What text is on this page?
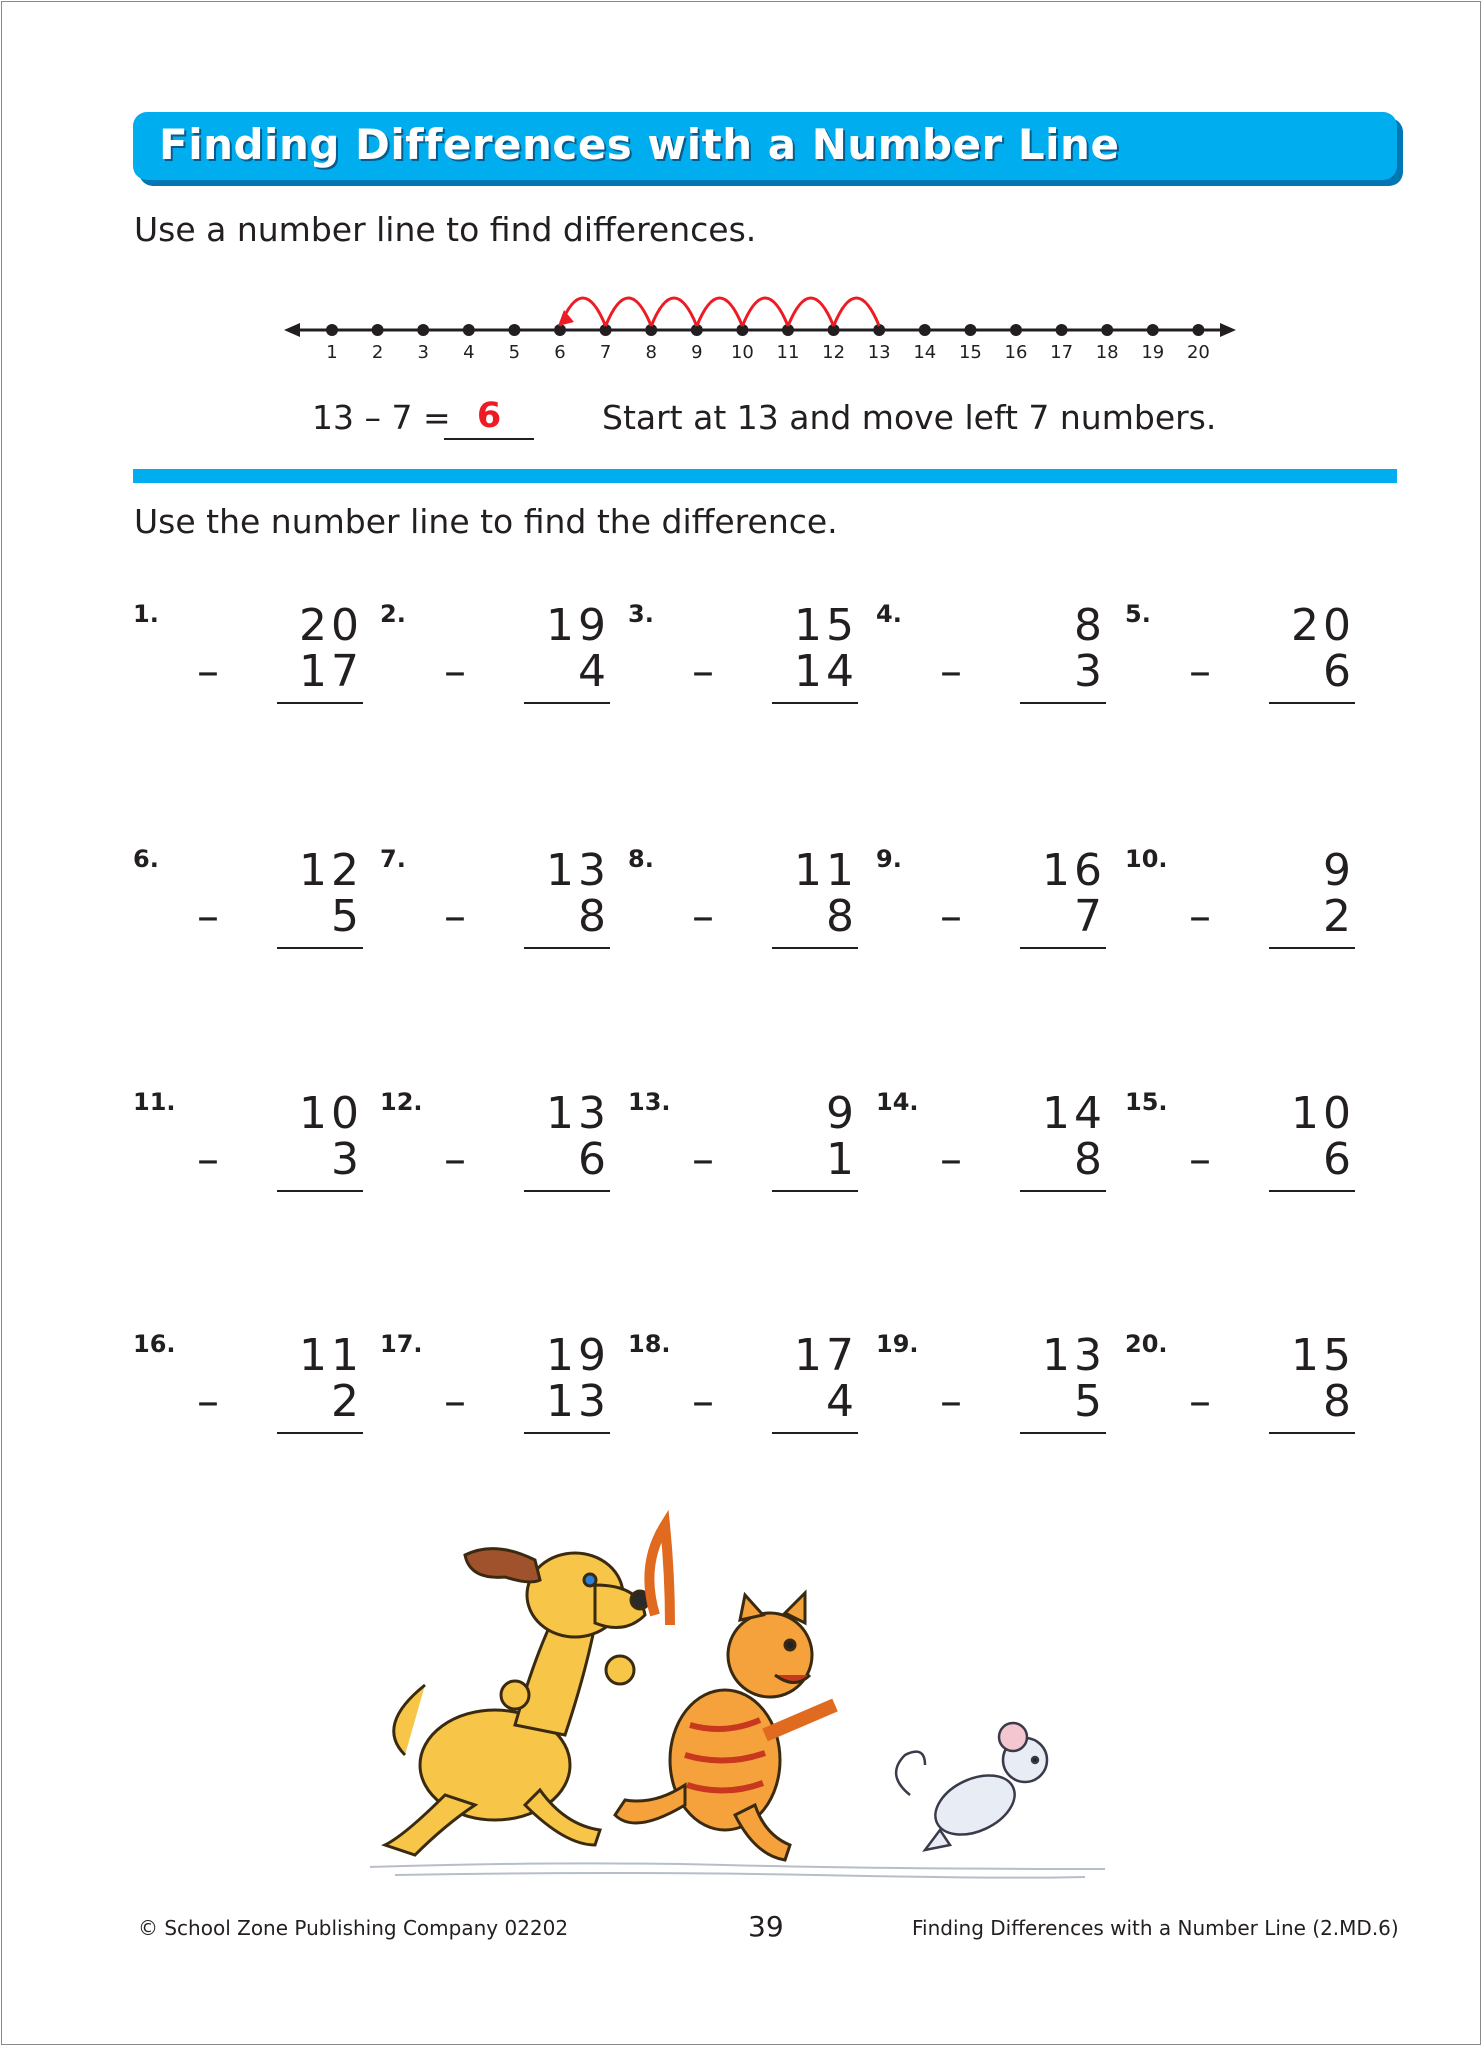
Finding Differences with a Number Line
Use a number line to find differences.
1 2 3 4 5 6 7 8 9 10 11 12 13 14 15 16 17 18 19 20
13 – 7 = 6	Start at 13 and move left 7 numbers.
Use the number line to find the difference.
1.	20
–	17
2.	19
–	4
3.	15
–	14
4.	8
–	3
5.	20
–	6
6.	12
–	5
7.	13
–	8
8.	11
–	8
9.	16
–	7
10.	9
–	2
11.	10
–	3
12.	13
–	6
13.	9
–	1
14.	14
–	8
15.	10
–	6
16.	11
–	2
17.	19
–	13
18.	17
–	4
19.	13
–	5
20.	15
–	8
© School Zone Publishing Company 02202	39	Finding Differences with a Number Line (2.MD.6)
